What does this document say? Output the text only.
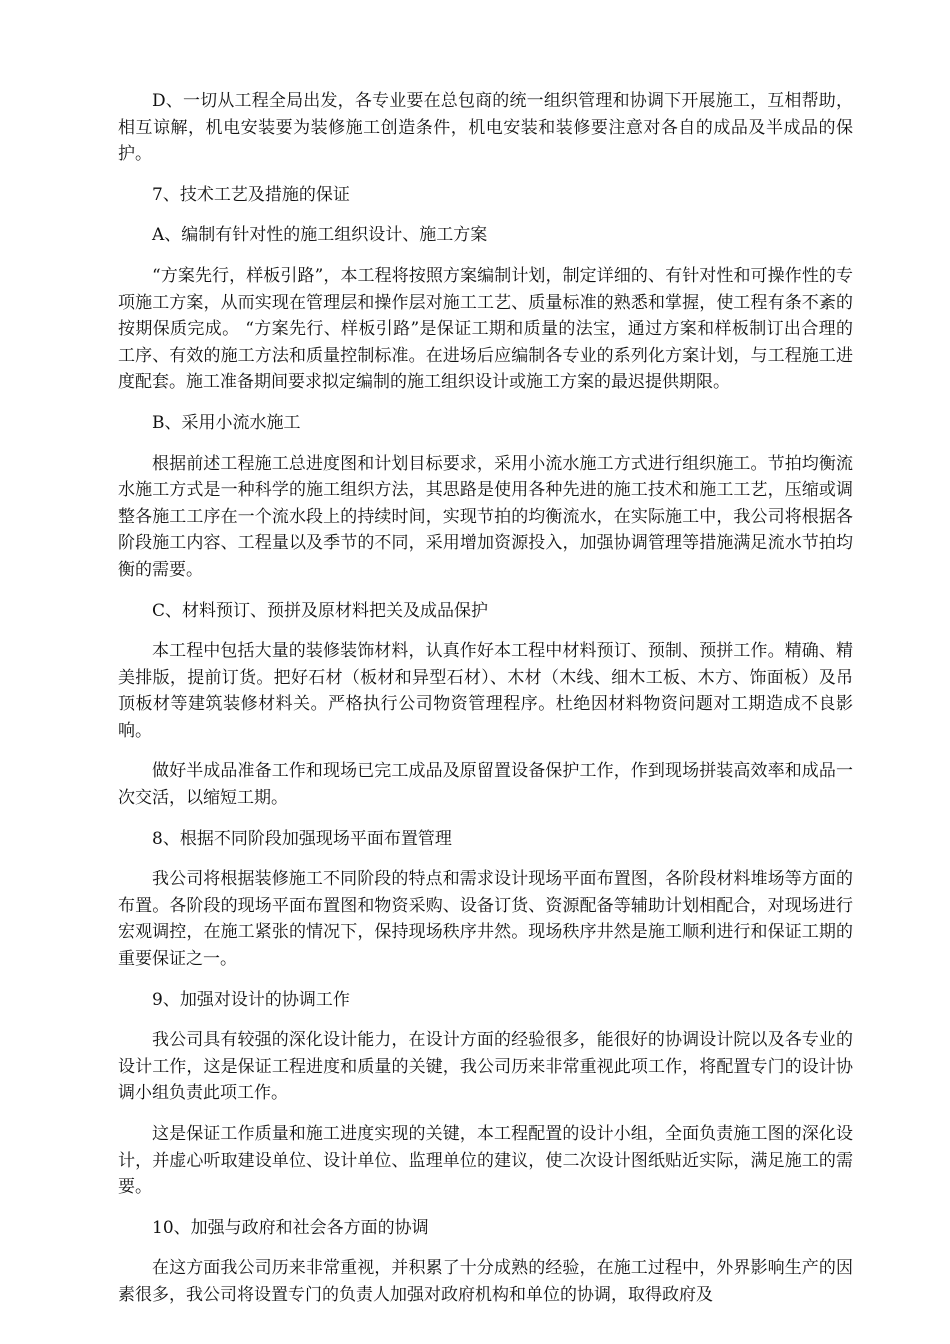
D、一切从工程全局出发，各专业要在总包商的统一组织管理和协调下开展施工，互相帮助，相互谅解，机电安装要为装修施工创造条件，机电安装和装修要注意对各自的成品及半成品的保护。

7、技术工艺及措施的保证

A、编制有针对性的施工组织设计、施工方案

“方案先行，样板引路”，本工程将按照方案编制计划，制定详细的、有针对性和可操作性的专项施工方案，从而实现在管理层和操作层对施工工艺、质量标准的熟悉和掌握，使工程有条不紊的按期保质完成。 “方案先行、样板引路”是保证工期和质量的法宝，通过方案和样板制订出合理的工序、有效的施工方法和质量控制标准。在进场后应编制各专业的系列化方案计划，与工程施工进度配套。施工准备期间要求拟定编制的施工组织设计或施工方案的最迟提供期限。

B、采用小流水施工

根据前述工程施工总进度图和计划目标要求，采用小流水施工方式进行组织施工。节拍均衡流水施工方式是一种科学的施工组织方法，其思路是使用各种先进的施工技术和施工工艺，压缩或调整各施工工序在一个流水段上的持续时间，实现节拍的均衡流水，在实际施工中，我公司将根据各阶段施工内容、工程量以及季节的不同，采用增加资源投入，加强协调管理等措施满足流水节拍均衡的需要。

C、材料预订、预拼及原材料把关及成品保护

本工程中包括大量的装修装饰材料，认真作好本工程中材料预订、预制、预拼工作。精确、精美排版，提前订货。把好石材（板材和异型石材）、木材（木线、细木工板、木方、饰面板）及吊顶板材等建筑装修材料关。严格执行公司物资管理程序。杜绝因材料物资问题对工期造成不良影响。

做好半成品准备工作和现场已完工成品及原留置设备保护工作，作到现场拼装高效率和成品一次交活，以缩短工期。

8、根据不同阶段加强现场平面布置管理

我公司将根据装修施工不同阶段的特点和需求设计现场平面布置图，各阶段材料堆场等方面的布置。各阶段的现场平面布置图和物资采购、设备订货、资源配备等辅助计划相配合，对现场进行宏观调控，在施工紧张的情况下，保持现场秩序井然。现场秩序井然是施工顺利进行和保证工期的重要保证之一。

9、加强对设计的协调工作

我公司具有较强的深化设计能力，在设计方面的经验很多，能很好的协调设计院以及各专业的设计工作，这是保证工程进度和质量的关键，我公司历来非常重视此项工作，将配置专门的设计协调小组负责此项工作。

这是保证工作质量和施工进度实现的关键，本工程配置的设计小组，全面负责施工图的深化设计，并虚心听取建设单位、设计单位、监理单位的建议，使二次设计图纸贴近实际，满足施工的需要。

10、加强与政府和社会各方面的协调

在这方面我公司历来非常重视，并积累了十分成熟的经验，在施工过程中，外界影响生产的因素很多，我公司将设置专门的负责人加强对政府机构和单位的协调，取得政府及
